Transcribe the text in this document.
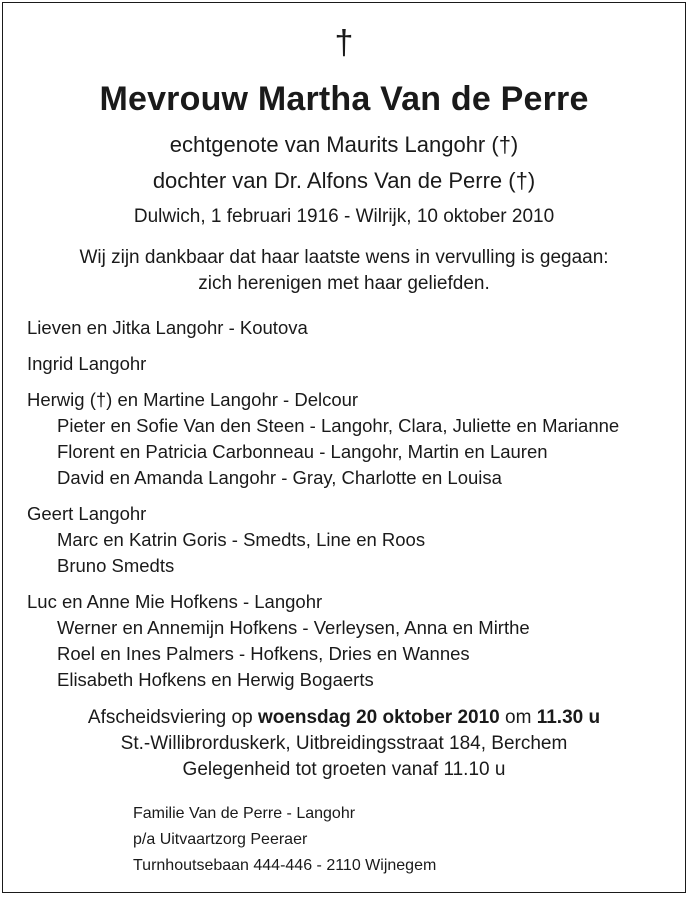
†
Mevrouw Martha Van de Perre
echtgenote van Maurits Langohr (†)
dochter van Dr. Alfons Van de Perre (†)
Dulwich, 1 februari 1916 - Wilrijk, 10 oktober 2010
Wij zijn dankbaar dat haar laatste wens in vervulling is gegaan:
zich herenigen met haar geliefden.
Lieven en Jitka Langohr - Koutova
Ingrid Langohr
Herwig (†) en Martine Langohr - Delcour
Pieter en Sofie Van den Steen - Langohr, Clara, Juliette en Marianne
Florent en Patricia Carbonneau - Langohr, Martin en Lauren
David en Amanda Langohr - Gray, Charlotte en Louisa
Geert Langohr
Marc en Katrin Goris - Smedts, Line en Roos
Bruno Smedts
Luc en Anne Mie Hofkens - Langohr
Werner en Annemijn Hofkens - Verleysen, Anna en Mirthe
Roel en Ines Palmers - Hofkens, Dries en Wannes
Elisabeth Hofkens en Herwig Bogaerts
Afscheidsviering op woensdag 20 oktober 2010 om 11.30 u
St.-Willibrorduskerk, Uitbreidingsstraat 184, Berchem
Gelegenheid tot groeten vanaf 11.10 u
Familie Van de Perre - Langohr
p/a Uitvaartzorg Peeraer
Turnhoutsebaan 444-446 - 2110 Wijnegem
